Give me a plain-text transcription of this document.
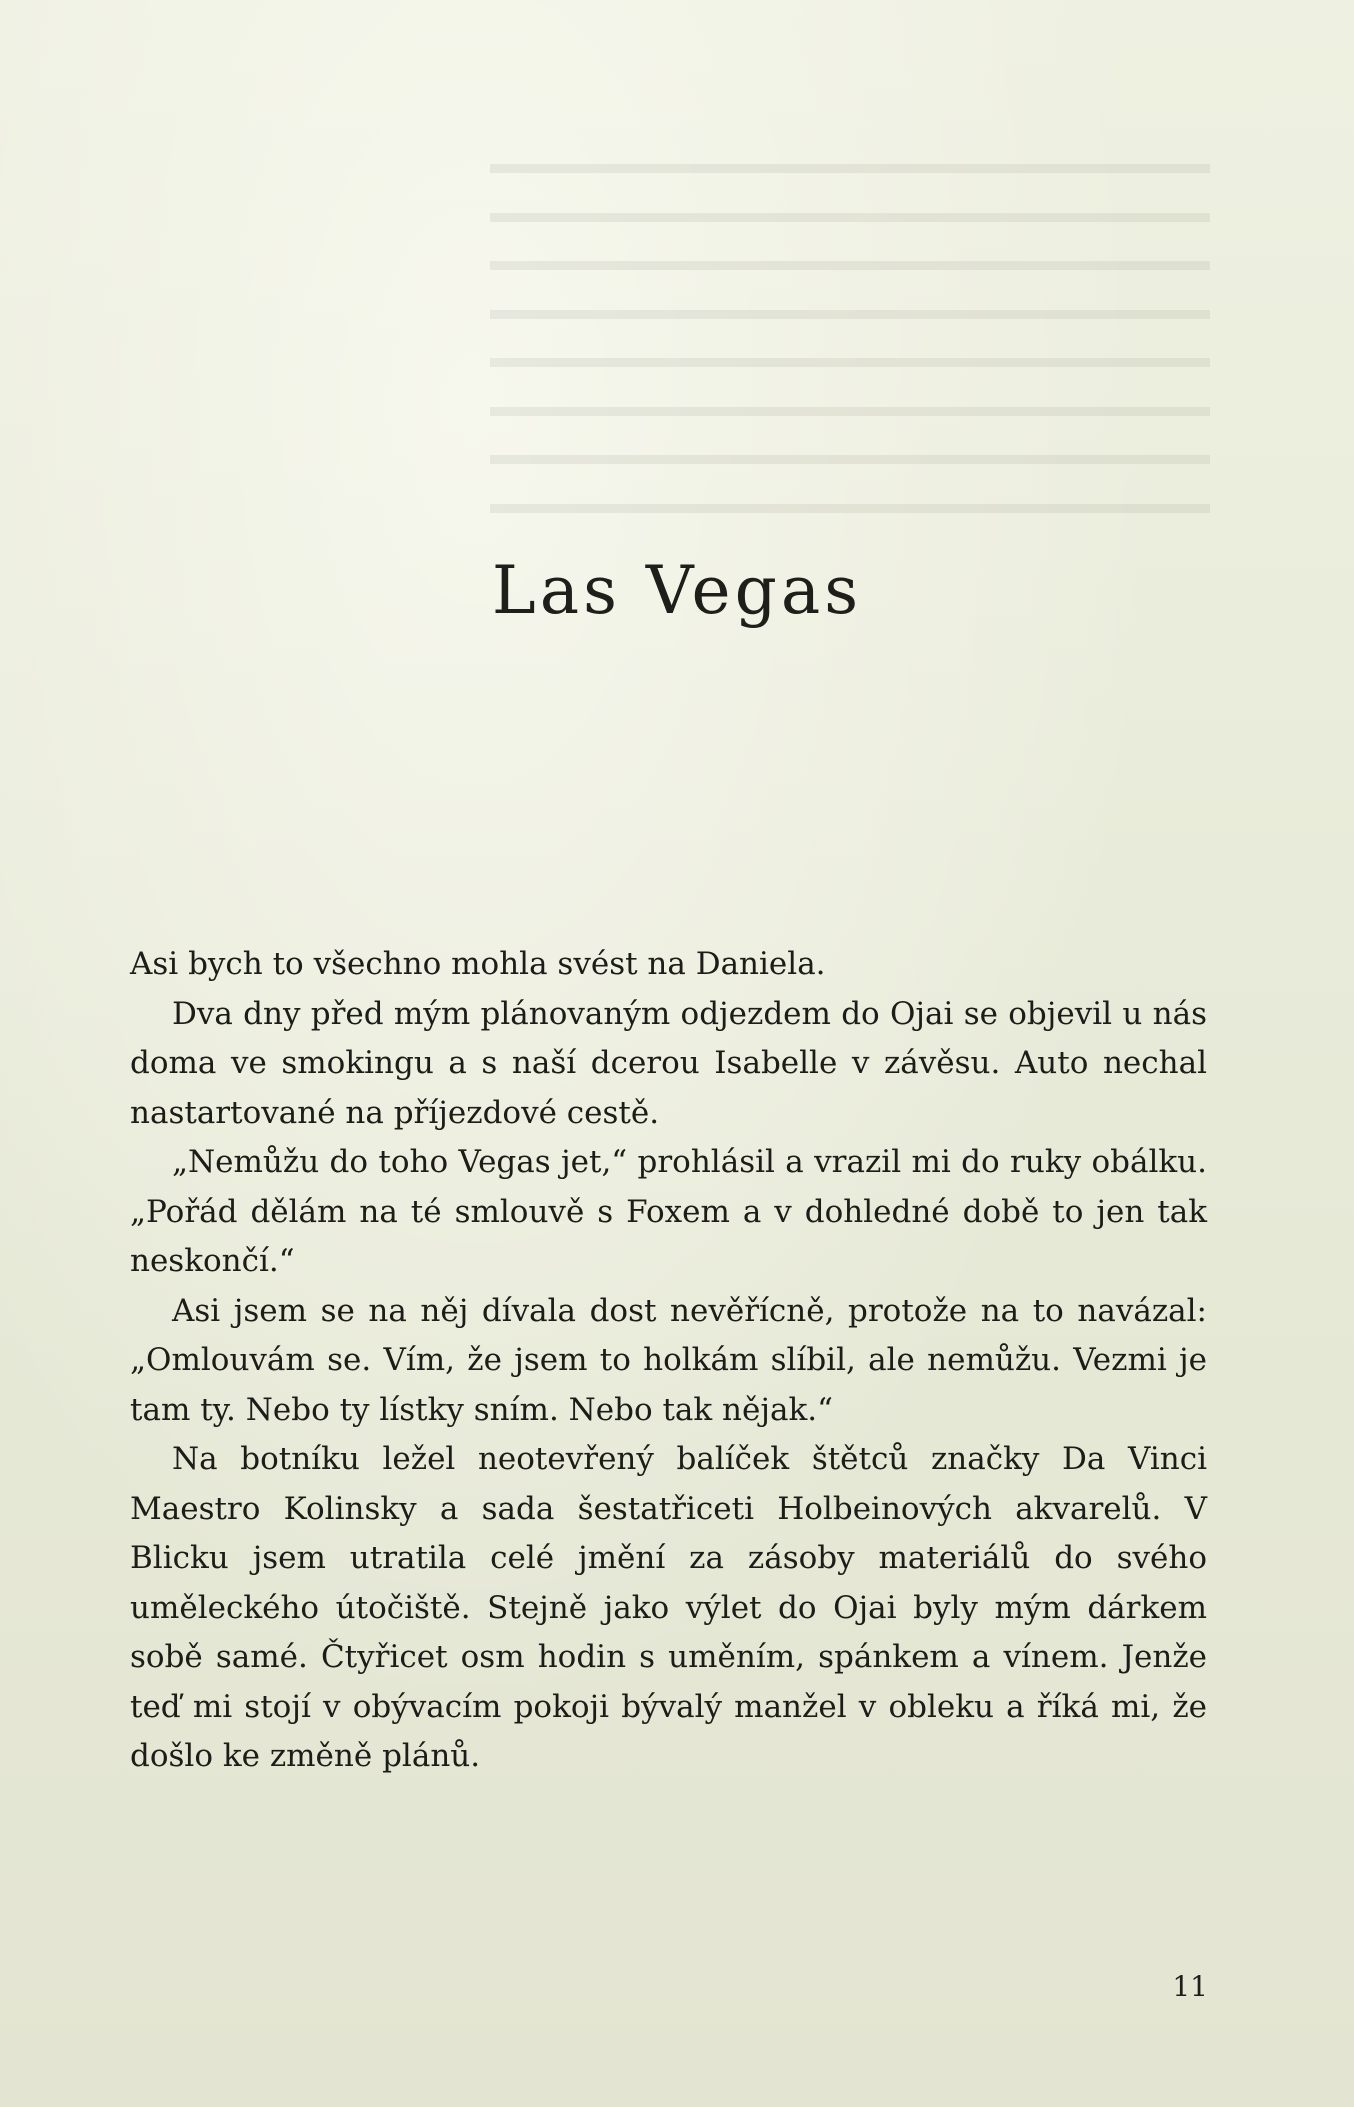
​▬▬▬▬▬▬▬▬▬▬▬▬▬▬▬▬▬▬▬▬▬▬▬▬ ▬▬▬▬▬▬▬▬▬▬▬▬▬▬▬▬▬▬▬▬▬▬▬▬ ▬▬▬▬▬▬▬▬▬▬▬▬▬▬▬▬▬▬▬▬▬▬▬▬ ▬▬▬▬▬▬▬▬▬▬▬▬▬▬▬▬▬▬▬▬▬▬▬▬ ▬▬▬▬▬▬▬▬▬▬▬▬▬▬▬▬▬▬▬▬▬▬▬▬ ▬▬▬▬▬▬▬▬▬▬▬▬▬▬▬▬▬▬▬▬▬▬▬▬ ▬▬▬▬▬▬▬▬▬▬▬▬▬▬▬▬▬▬▬▬▬▬▬▬ ▬▬▬▬▬▬▬▬▬▬▬▬▬▬▬▬▬▬▬▬▬▬▬▬
Las Vegas

Asi bych to všechno mohla svést na Daniela.

Dva dny před mým plánovaným odjezdem do Ojai se objevil u nás doma ve smokingu a s naší dcerou Isabelle v závěsu. Auto nechal nastartované na příjezdové cestě.

„Nemůžu do toho Vegas jet,“ prohlásil a vrazil mi do ruky obálku. „Pořád dělám na té smlouvě s Foxem a v dohledné době to jen tak neskončí.“

Asi jsem se na něj dívala dost nevěřícně, protože na to navázal: „Omlouvám se. Vím, že jsem to holkám slíbil, ale nemůžu. Vezmi je tam ty. Nebo ty lístky sním. Nebo tak nějak.“

Na botníku ležel neotevřený balíček štětců značky Da Vinci Maestro Kolinsky a sada šestatřiceti Holbeinových akvarelů. V Blicku jsem utratila celé jmění za zásoby materiálů do svého uměleckého útočiště. Stejně jako výlet do Ojai byly mým dárkem sobě samé. Čtyřicet osm hodin s uměním, spánkem a vínem. Jenže teď mi stojí v obývacím pokoji bývalý manžel v obleku a říká mi, že došlo ke změně plánů.

11
